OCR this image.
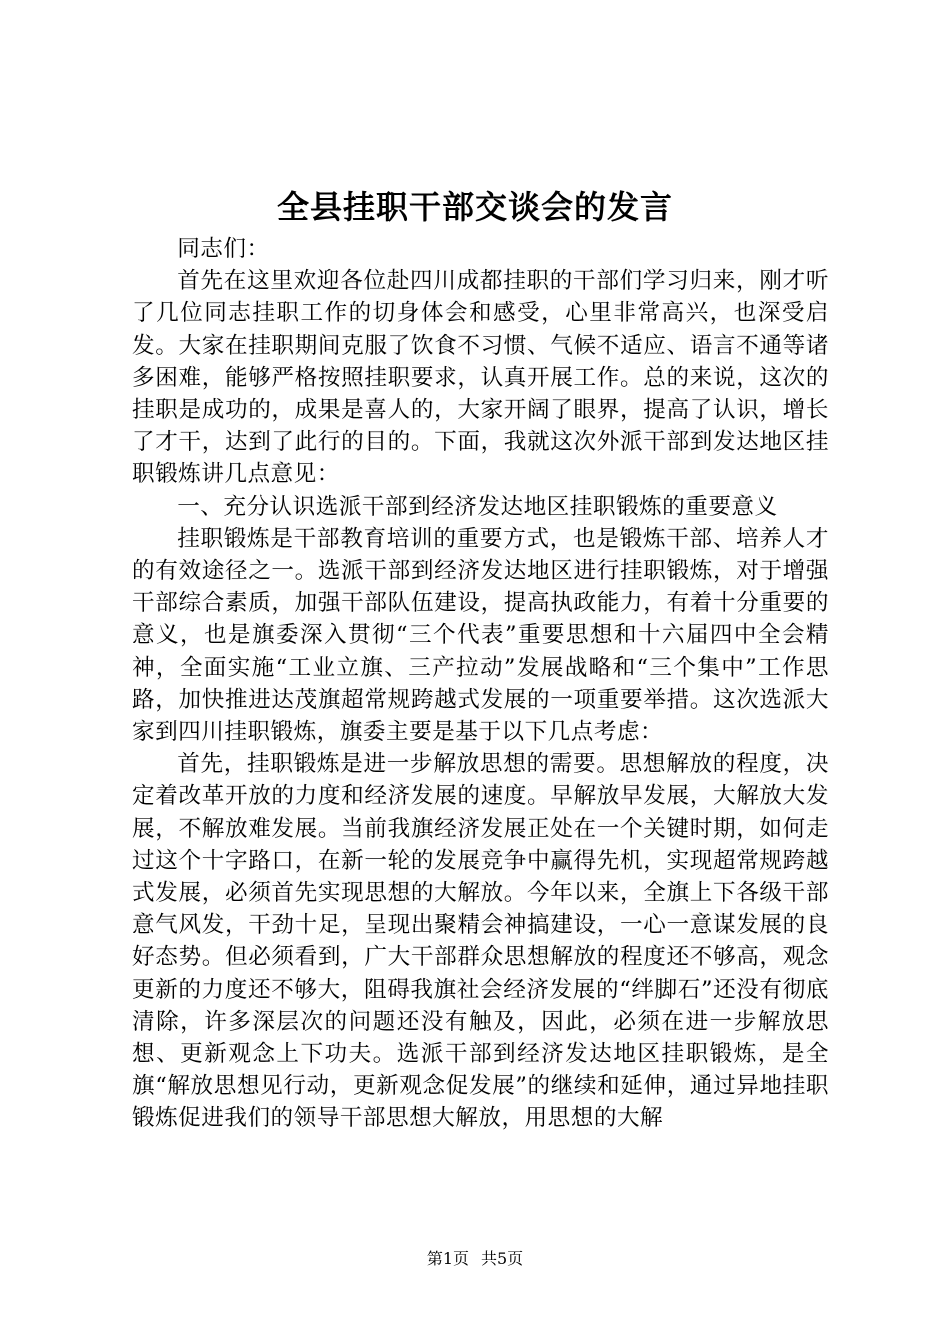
全县挂职干部交谈会的发言

同志们：

首先在这里欢迎各位赴四川成都挂职的干部们学习归来，刚才听了几位同志挂职工作的切身体会和感受，心里非常高兴，也深受启发。大家在挂职期间克服了饮食不习惯、气候不适应、语言不通等诸多困难，能够严格按照挂职要求，认真开展工作。总的来说，这次的挂职是成功的，成果是喜人的，大家开阔了眼界，提高了认识，增长了才干，达到了此行的目的。下面，我就这次外派干部到发达地区挂职锻炼讲几点意见：

一、充分认识选派干部到经济发达地区挂职锻炼的重要意义

挂职锻炼是干部教育培训的重要方式，也是锻炼干部、培养人才的有效途径之一。选派干部到经济发达地区进行挂职锻炼，对于增强干部综合素质，加强干部队伍建设，提高执政能力，有着十分重要的意义，也是旗委深入贯彻“三个代表”重要思想和十六届四中全会精神，全面实施“工业立旗、三产拉动”发展战略和“三个集中”工作思路，加快推进达茂旗超常规跨越式发展的一项重要举措。这次选派大家到四川挂职锻炼，旗委主要是基于以下几点考虑：

首先，挂职锻炼是进一步解放思想的需要。思想解放的程度，决定着改革开放的力度和经济发展的速度。早解放早发展，大解放大发展，不解放难发展。当前我旗经济发展正处在一个关键时期，如何走过这个十字路口，在新一轮的发展竞争中赢得先机，实现超常规跨越式发展，必须首先实现思想的大解放。今年以来，全旗上下各级干部意气风发，干劲十足，呈现出聚精会神搞建设，一心一意谋发展的良好态势。但必须看到，广大干部群众思想解放的程度还不够高，观念更新的力度还不够大，阻碍我旗社会经济发展的“绊脚石”还没有彻底清除，许多深层次的问题还没有触及，因此，必须在进一步解放思想、更新观念上下功夫。选派干部到经济发达地区挂职锻炼，是全旗“解放思想见行动，更新观念促发展”的继续和延伸，通过异地挂职锻炼促进我们的领导干部思想大解放，用思想的大解

第1页 共5页
